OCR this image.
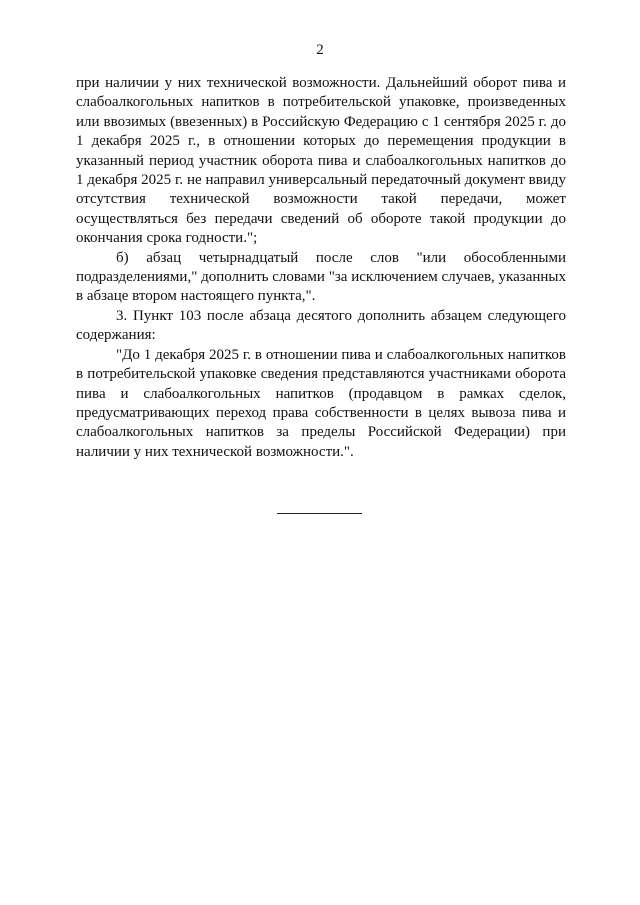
2

при наличии у них технической возможности. Дальнейший оборот пива и слабоалкогольных напитков в потребительской упаковке, произведенных или ввозимых (ввезенных) в Российскую Федерацию с 1 сентября 2025 г. до 1 декабря 2025 г., в отношении которых до перемещения продукции в указанный период участник оборота пива и слабоалкогольных напитков до 1 декабря 2025 г. не направил универсальный передаточный документ ввиду отсутствия технической возможности такой передачи, может осуществляться без передачи сведений об обороте такой продукции до окончания срока годности.";

б) абзац четырнадцатый после слов "или обособленными подразделениями," дополнить словами "за исключением случаев, указанных в абзаце втором настоящего пункта,".

3. Пункт 103 после абзаца десятого дополнить абзацем следующего содержания:

"До 1 декабря 2025 г. в отношении пива и слабоалкогольных напитков в потребительской упаковке сведения представляются участниками оборота пива и слабоалкогольных напитков (продавцом в рамках сделок, предусматривающих переход права собственности в целях вывоза пива и слабоалкогольных напитков за пределы Российской Федерации) при наличии у них технической возможности.".
